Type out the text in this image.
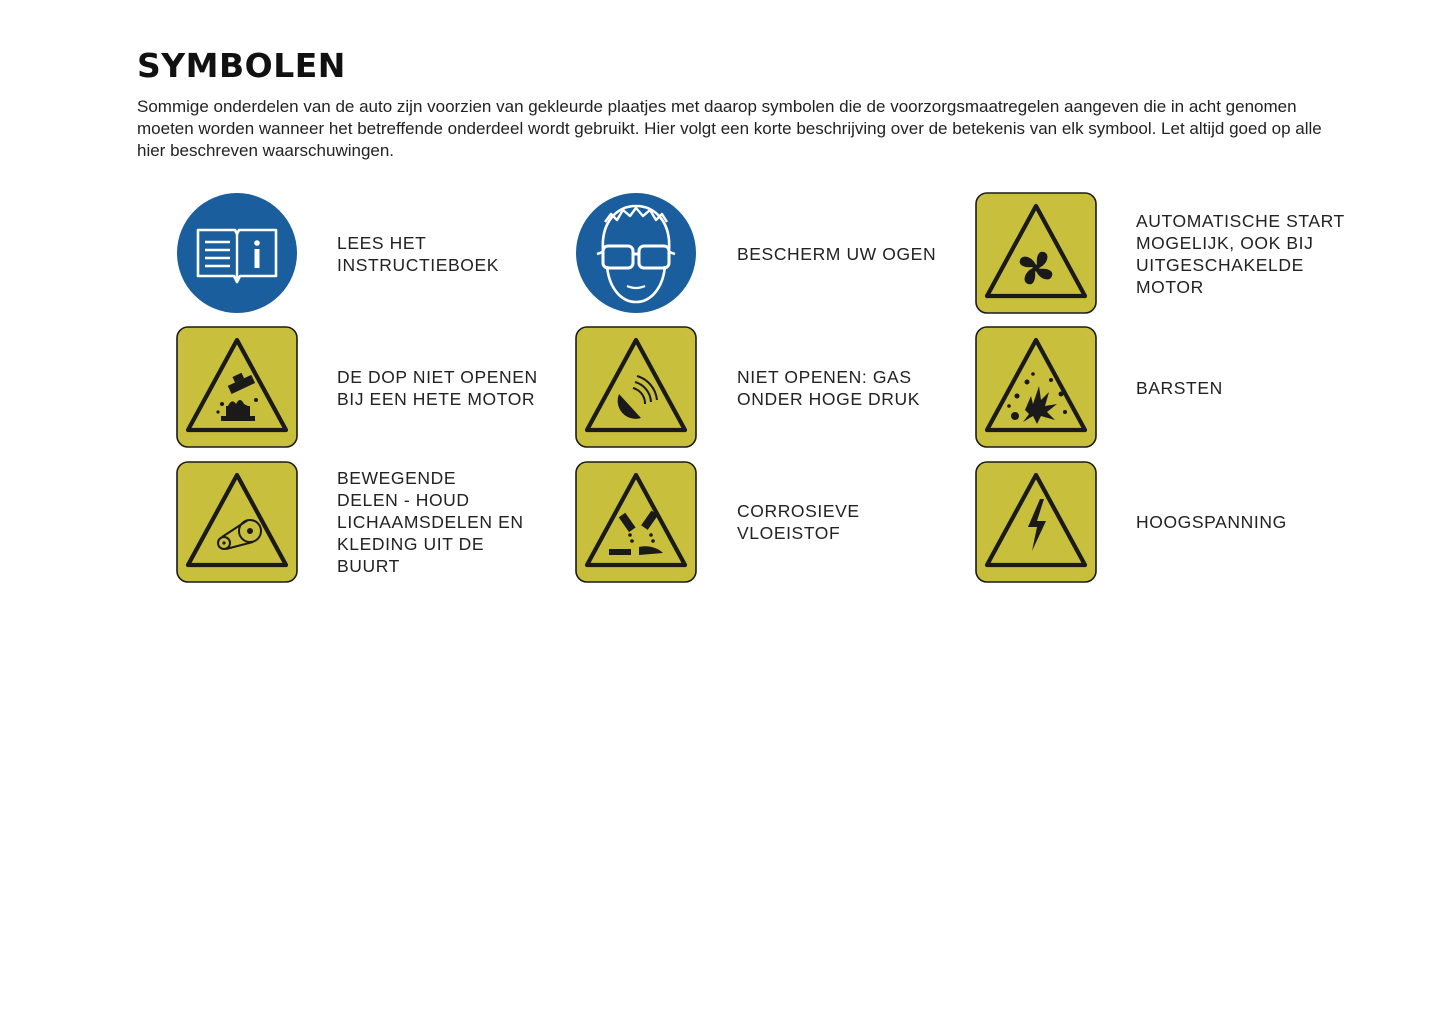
SYMBOLEN

Sommige onderdelen van de auto zijn voorzien van gekleurde plaatjes met daarop symbolen die de voorzorgsmaatregelen aangeven die in acht genomen moeten worden wanneer het betreffende onderdeel wordt gebruikt. Hier volgt een korte beschrijving over de betekenis van elk symbool. Let altijd goed op alle hier beschreven waarschuwingen.

LEES HET
INSTRUCTIEBOEK
BESCHERM UW OGEN
AUTOMATISCHE START
MOGELIJK, OOK BIJ
UITGESCHAKELDE
MOTOR
DE DOP NIET OPENEN
BIJ EEN HETE MOTOR
NIET OPENEN: GAS
ONDER HOGE DRUK
BARSTEN
BEWEGENDE
DELEN - HOUD
LICHAAMSDELEN EN
KLEDING UIT DE
BUURT
CORROSIEVE
VLOEISTOF
HOOGSPANNING
